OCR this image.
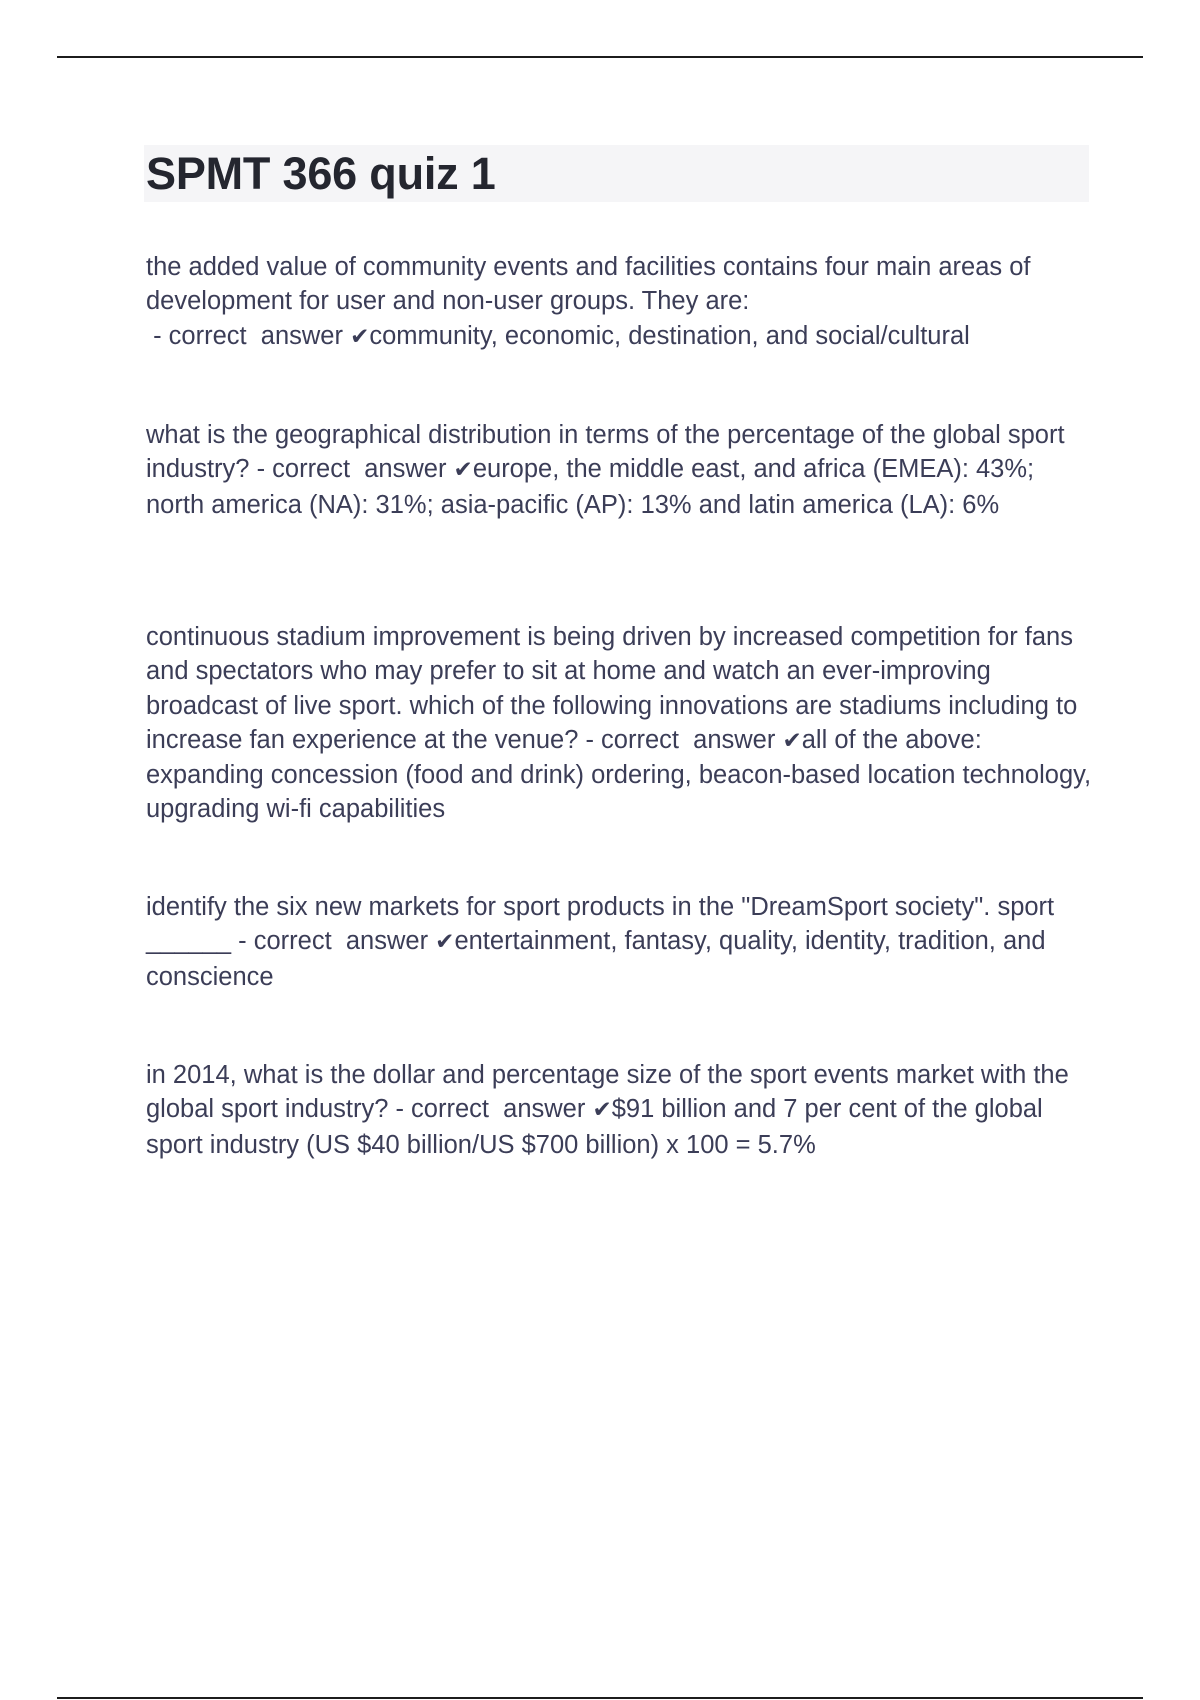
SPMT 366 quiz 1

the added value of community events and facilities contains four main areas of development for user and non-user groups. They are: - correct  answer ✔community, economic, destination, and social/cultural

what is the geographical distribution in terms of the percentage of the global sport industry? - correct  answer ✔europe, the middle east, and africa (EMEA): 43%; north america (NA): 31%; asia-pacific (AP): 13% and latin america (LA): 6%

continuous stadium improvement is being driven by increased competition for fans and spectators who may prefer to sit at home and watch an ever-improving broadcast of live sport. which of the following innovations are stadiums including to increase fan experience at the venue? - correct  answer ✔all of the above: expanding concession (food and drink) ordering, beacon-based location technology, upgrading wi-fi capabilities

identify the six new markets for sport products in the "DreamSport society". sport ______ - correct  answer ✔entertainment, fantasy, quality, identity, tradition, and conscience

in 2014, what is the dollar and percentage size of the sport events market with the global sport industry? - correct  answer ✔$91 billion and 7 per cent of the global sport industry (US $40 billion/US $700 billion) x 100 = 5.7%
